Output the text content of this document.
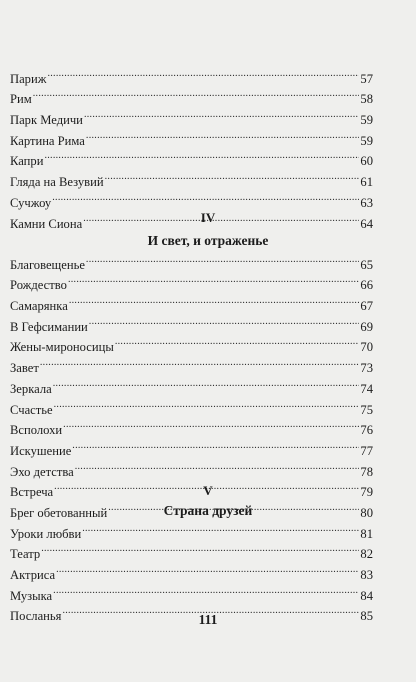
Париж .....	57
Рим .....	58
Парк Медичи .....	59
Картина Рима .....	59
Капри .....	60
Гляда на Везувий .....	61
Сучжоу .....	63
Камни Сиона .....	64
IV
И свет, и отраженье
Благовещенье .....	65
Рождество .....	66
Самарянка .....	67
В Гефсимании .....	69
Жены-мироносицы .....	70
Завет .....	73
Зеркала .....	74
Счастье .....	75
Всполохи .....	76
Искушение .....	77
Эхо детства .....	78
Встреча .....	79
Брег обетованный .....	80
V
Страна друзей
Уроки любви .....	81
Театр .....	82
Актриса .....	83
Музыка .....	84
Посланья .....	85
111
